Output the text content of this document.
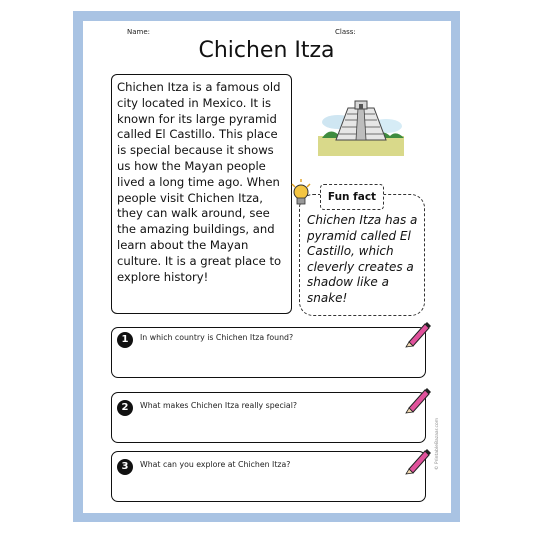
Name:	Class:
Chichen Itza
Chichen Itza is a famous old city located in Mexico. It is known for its large pyramid called El Castillo. This place is special because it shows us how the Mayan people lived a long time ago. When people visit Chichen Itza, they can walk around, see the amazing buildings, and learn about the Mayan culture. It is a great place to explore history!
Fun fact
Chichen Itza has a pyramid called El Castillo, which cleverly creates a shadow like a snake!
1	In which country is Chichen Itza found?
2	What makes Chichen Itza really special?
3	What can you explore at Chichen Itza?	© PrintableBazaar.com
